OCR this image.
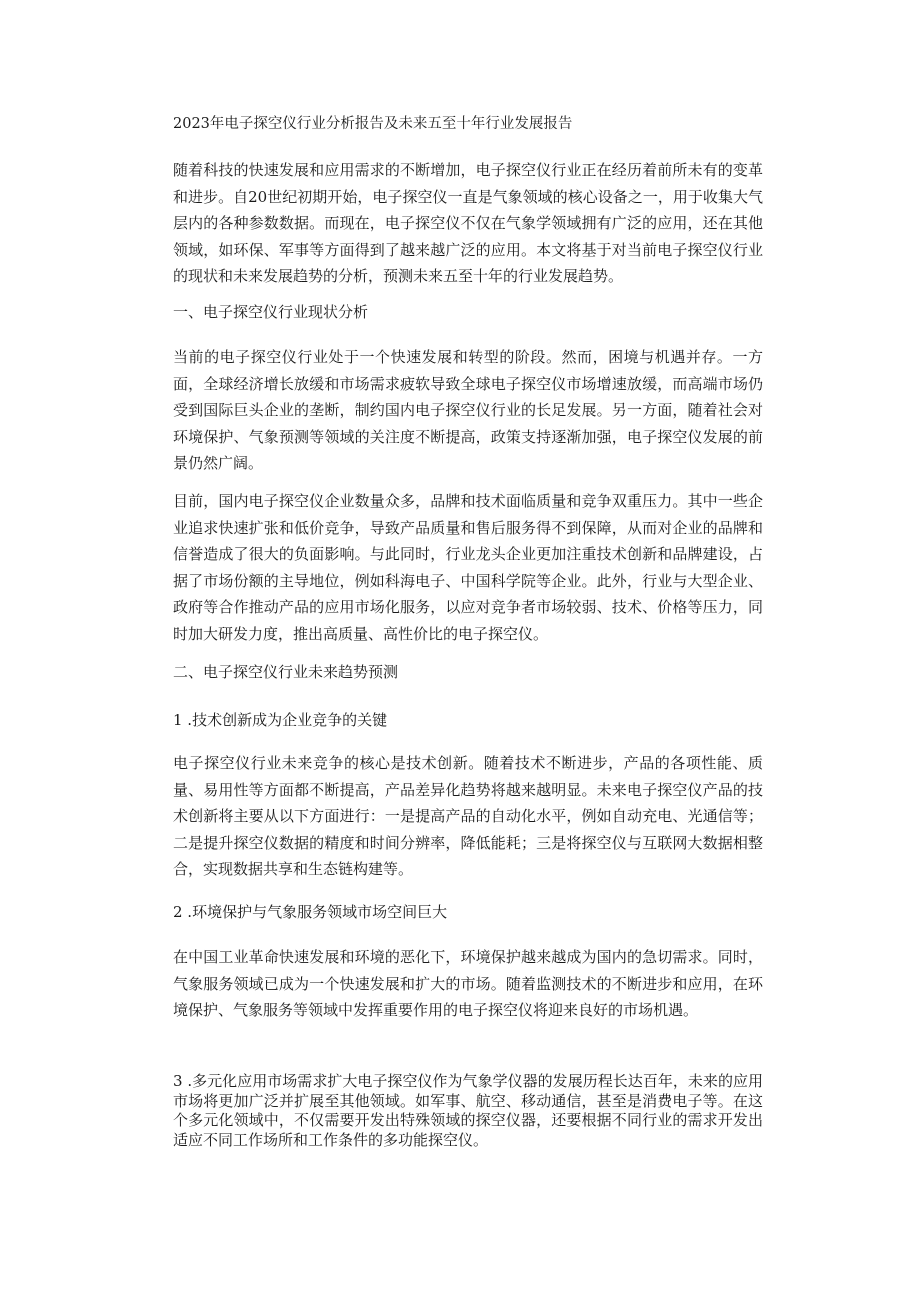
2023年电子探空仪行业分析报告及未来五至十年行业发展报告

随着科技的快速发展和应用需求的不断增加，电子探空仪行业正在经历着前所未有的变革和进步。自20世纪初期开始，电子探空仪一直是气象领域的核心设备之一，用于收集大气层内的各种参数数据。而现在，电子探空仪不仅在气象学领域拥有广泛的应用，还在其他领域，如环保、军事等方面得到了越来越广泛的应用。本文将基于对当前电子探空仪行业的现状和未来发展趋势的分析，预测未来五至十年的行业发展趋势。

一、电子探空仪行业现状分析

当前的电子探空仪行业处于一个快速发展和转型的阶段。然而，困境与机遇并存。一方面，全球经济增长放缓和市场需求疲软导致全球电子探空仪市场增速放缓，而高端市场仍受到国际巨头企业的垄断，制约国内电子探空仪行业的长足发展。另一方面，随着社会对环境保护、气象预测等领域的关注度不断提高，政策支持逐渐加强，电子探空仪发展的前景仍然广阔。

目前，国内电子探空仪企业数量众多，品牌和技术面临质量和竞争双重压力。其中一些企业追求快速扩张和低价竞争，导致产品质量和售后服务得不到保障，从而对企业的品牌和信誉造成了很大的负面影响。与此同时，行业龙头企业更加注重技术创新和品牌建设，占据了市场份额的主导地位，例如科海电子、中国科学院等企业。此外，行业与大型企业、政府等合作推动产品的应用市场化服务，以应对竞争者市场较弱、技术、价格等压力，同时加大研发力度，推出高质量、高性价比的电子探空仪。

二、电子探空仪行业未来趋势预测
1 .技术创新成为企业竞争的关键

电子探空仪行业未来竞争的核心是技术创新。随着技术不断进步，产品的各项性能、质量、易用性等方面都不断提高，产品差异化趋势将越来越明显。未来电子探空仪产品的技术创新将主要从以下方面进行：一是提高产品的自动化水平，例如自动充电、光通信等；二是提升探空仪数据的精度和时间分辨率，降低能耗；三是将探空仪与互联网大数据相整合，实现数据共享和生态链构建等。

2 .环境保护与气象服务领域市场空间巨大

在中国工业革命快速发展和环境的恶化下，环境保护越来越成为国内的急切需求。同时，气象服务领域已成为一个快速发展和扩大的市场。随着监测技术的不断进步和应用，在环境保护、气象服务等领域中发挥重要作用的电子探空仪将迎来良好的市场机遇。

3 .多元化应用市场需求扩大电子探空仪作为气象学仪器的发展历程长达百年，未来的应用市场将更加广泛并扩展至其他领域。如军事、航空、移动通信，甚至是消费电子等。在这个多元化领域中，不仅需要开发出特殊领域的探空仪器，还要根据不同行业的需求开发出适应不同工作场所和工作条件的多功能探空仪。
